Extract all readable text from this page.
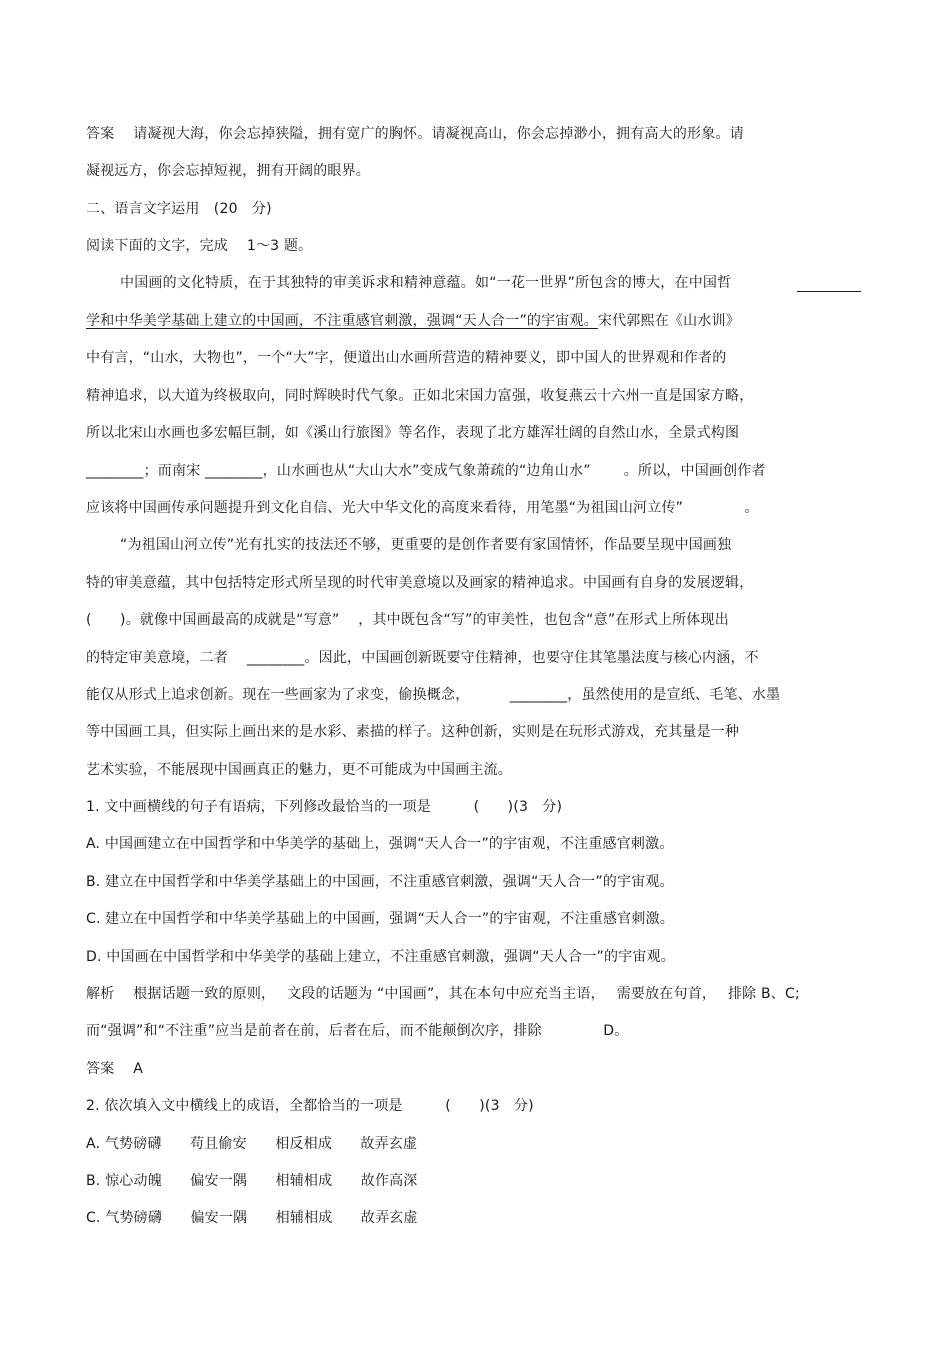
答案　 请凝视大海，你会忘掉狭隘，拥有宽广的胸怀。请凝视高山，你会忘掉渺小，拥有高大的形象。请
凝视远方，你会忘掉短视，拥有开阔的眼界。
二、语言文字运用　(20　分)
阅读下面的文字，完成　 1～3 题。
中国画的文化特质，在于其独特的审美诉求和精神意蕴。如“一花一世界”所包含的博大，在中国哲
学和中华美学基础上建立的中国画，不注重感官刺激，强调“天人合一”的宇宙观。宋代郭熙在《山水训》
中有言，“山水，大物也”，一个“大”字，便道出山水画所营造的精神要义，即中国人的世界观和作者的
精神追求，以大道为终极取向，同时辉映时代气象。正如北宋国力富强，收复燕云十六州一直是国家方略，
所以北宋山水画也多宏幅巨制，如《溪山行旅图》等名作，表现了北方雄浑壮阔的自然山水，全景式构图
________；而南宋 ________，山水画也从“大山大水”变成气象萧疏的“边角山水”　　 。所以，中国画创作者
应该将中国画传承问题提升到文化自信、光大中华文化的高度来看待，用笔墨“为祖国山河立传”　　　　 。
“为祖国山河立传”光有扎实的技法还不够，更重要的是创作者要有家国情怀，作品要呈现中国画独
特的审美意蕴，其中包括特定形式所呈现的时代审美意境以及画家的精神追求。中国画有自身的发展逻辑，
(　　)。就像中国画最高的成就是“写意”　 ，其中既包含“写”的审美性，也包含“意”在形式上所体现出
的特定审美意境，二者　 ________。因此，中国画创新既要守住精神，也要守住其笔墨法度与核心内涵，不
能仅从形式上追求创新。现在一些画家为了求变，偷换概念，　　　 ________，虽然使用的是宣纸、毛笔、水墨
等中国画工具，但实际上画出来的是水彩、素描的样子。这种创新，实则是在玩形式游戏，充其量是一种
艺术实验，不能展现中国画真正的魅力，更不可能成为中国画主流。
1. 文中画横线的句子有语病，下列修改最恰当的一项是　　　(　　)(3　分)
A. 中国画建立在中国哲学和中华美学的基础上，强调“天人合一”的宇宙观，不注重感官刺激。
B. 建立在中国哲学和中华美学基础上的中国画，不注重感官刺激，强调“天人合一”的宇宙观。
C. 建立在中国哲学和中华美学基础上的中国画，强调“天人合一”的宇宙观，不注重感官刺激。
D. 中国画在中国哲学和中华美学的基础上建立，不注重感官刺激，强调“天人合一”的宇宙观。
解析　 根据话题一致的原则，　 文段的话题为 “中国画”，其在本句中应充当主语，　 需要放在句首，　 排除 B、C;
而“强调”和“不注重”应当是前者在前，后者在后，而不能颠倒次序，排除　　　　 D。
答案　 A
2. 依次填入文中横线上的成语，全都恰当的一项是　　　(　　)(3　分)
A. 气势磅礴　　苟且偷安　　相反相成　　故弄玄虚
B. 惊心动魄　　偏安一隅　　相辅相成　　故作高深
C. 气势磅礴　　偏安一隅　　相辅相成　　故弄玄虚
